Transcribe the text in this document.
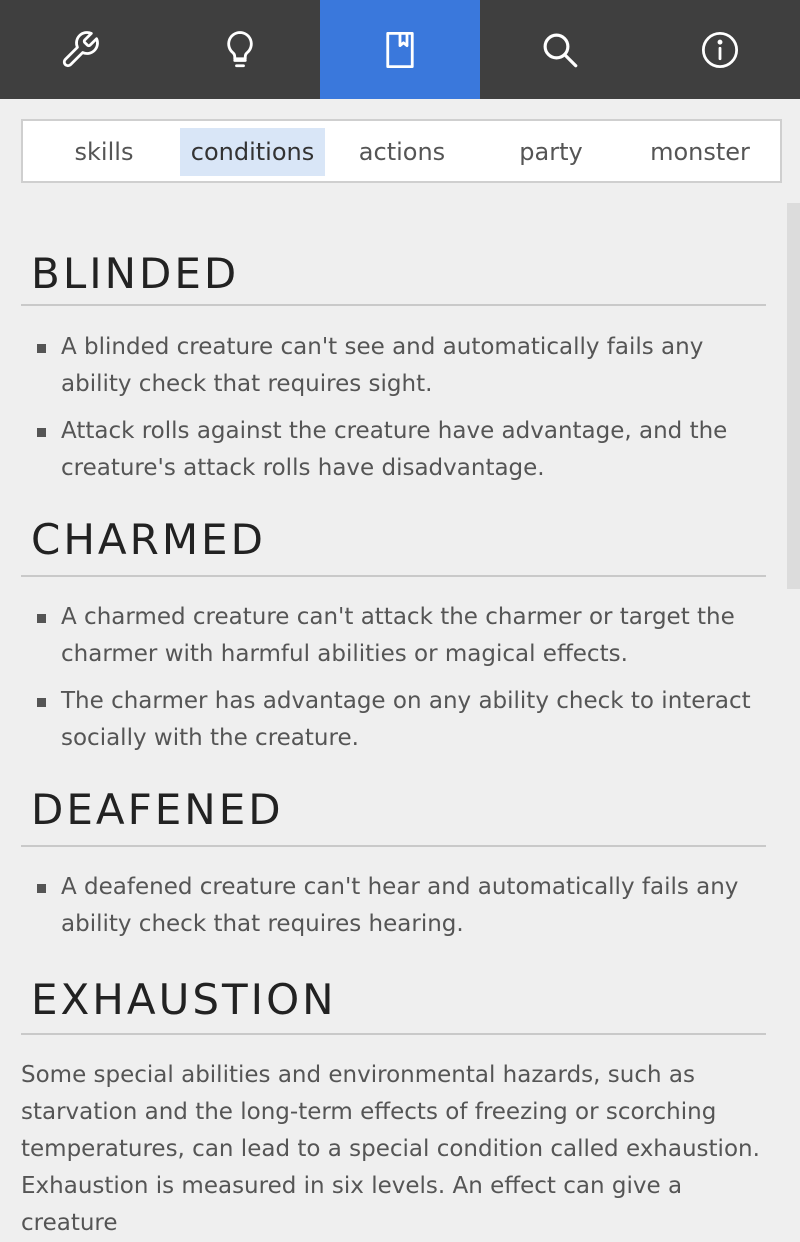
skills	conditions	actions	party	monster
BLINDED
A blinded creature can't see and automatically fails any ability check that requires sight.
Attack rolls against the creature have advantage, and the creature's attack rolls have disadvantage.
CHARMED
A charmed creature can't attack the charmer or target the charmer with harmful abilities or magical effects.
The charmer has advantage on any ability check to interact socially with the creature.
DEAFENED
A deafened creature can't hear and automatically fails any ability check that requires hearing.
EXHAUSTION

Some special abilities and environmental hazards, such as starvation and the long-term effects of freezing or scorching temperatures, can lead to a special condition called exhaustion. Exhaustion is measured in six levels. An effect can give a creature
